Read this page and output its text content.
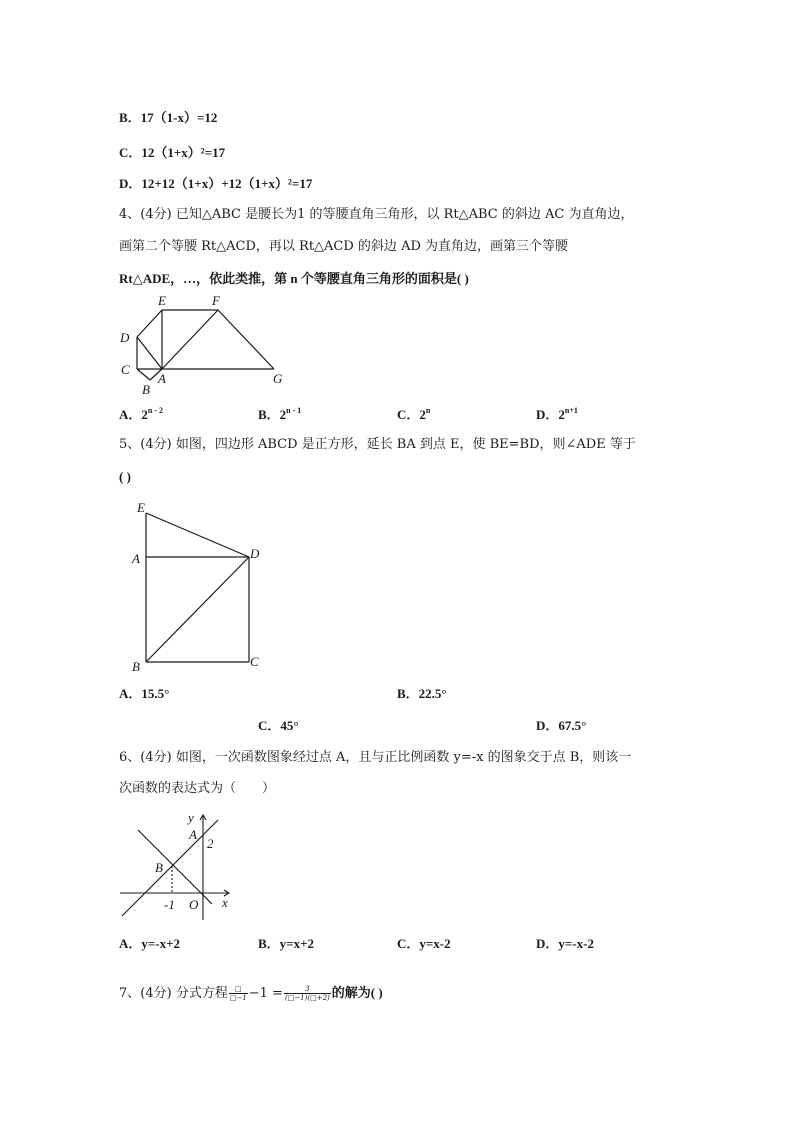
B．17（1-x）=12
C．12（1+x）²=17
D．12+12（1+x）+12（1+x）²=17
4、(4分) 已知△ABC 是腰长为1 的等腰直角三角形，以 Rt△ABC 的斜边 AC 为直角边，
画第二个等腰 Rt△ACD，再以 Rt△ACD 的斜边 AD 为直角边，画第三个等腰
Rt△ADE，…，依此类推，第 n 个等腰直角三角形的面积是( )
E	F
D
C
B
A	G
A．2$^{n - 2}$	B．2$^{n - 1}$	C．2$^n$	D．$2^{n+1}$
5、(4分) 如图，四边形 ABCD 是正方形，延长 BA 到点 E，使 BE=BD，则∠ADE 等于
( )
E
A	D
B	C
A．15.5°	B．22.5°
C．45°	D．67.5°
6、(4分) 如图，一次函数图象经过点 A，且与正比例函数 y=-x 的图象交于点 B，则该一
次函数的表达式为（　　）
y
A
2
B
-1 O x
A．y=-x+2	B．y=x+2	C．y=x-2	D．y=-x-2
7、(4分) 分式方程 $\frac{□}{□-1} -1 = \frac{3}{(□-1)(□+2)}$ 的解为( )
